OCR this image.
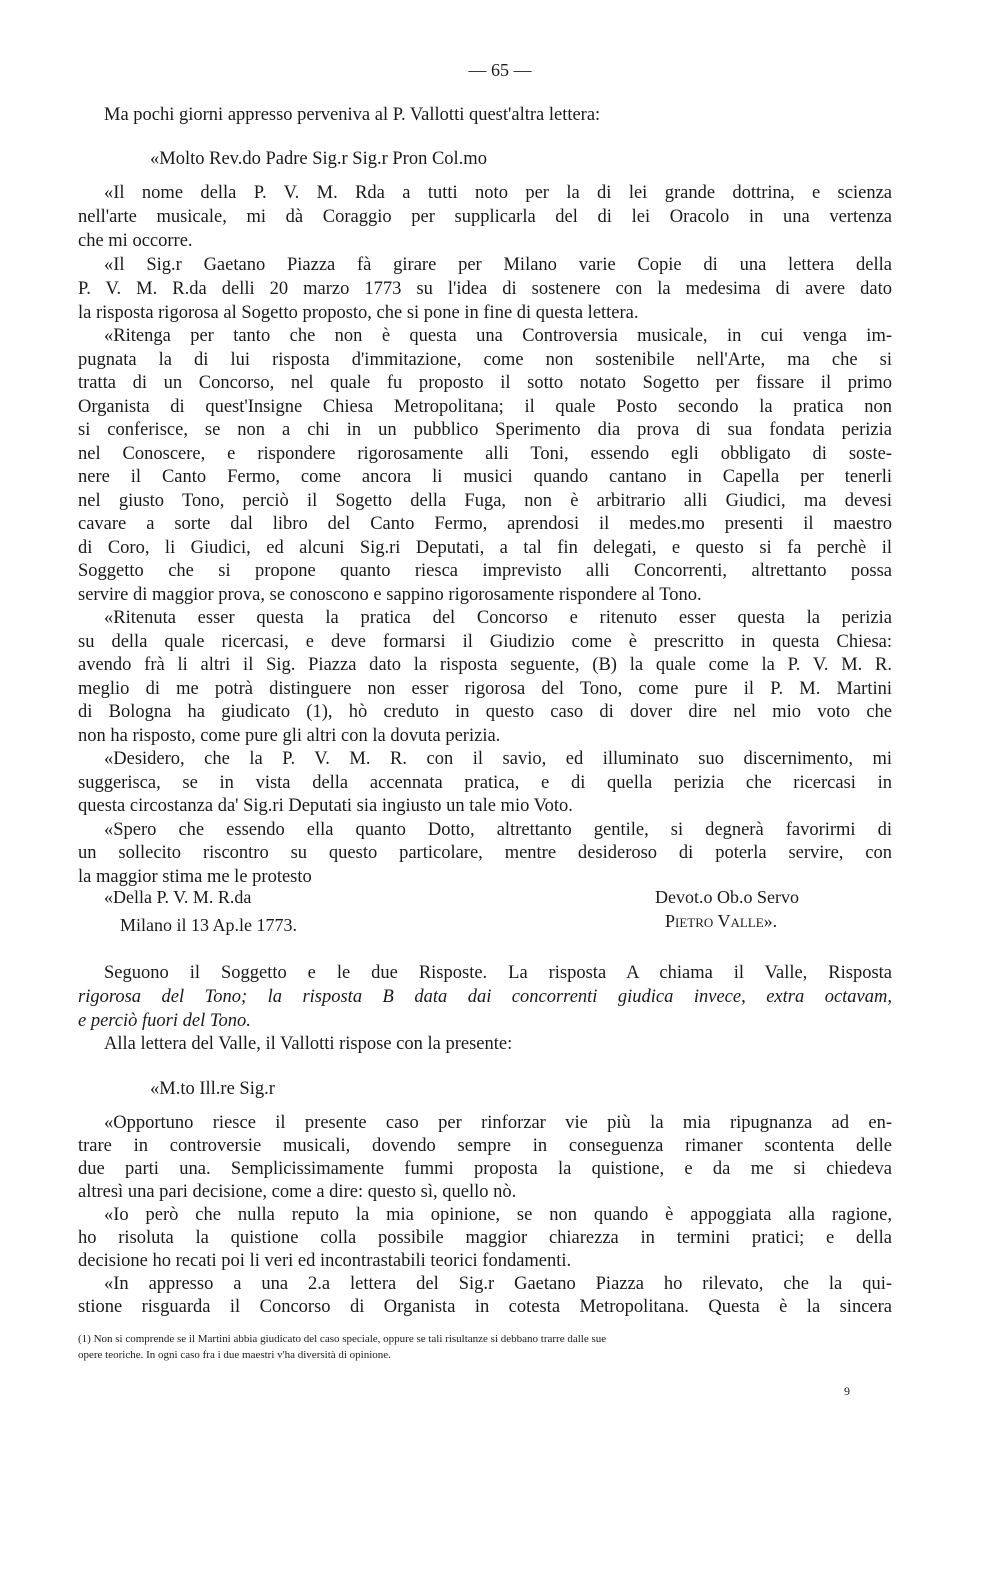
— 65 —
Ma pochi giorni appresso perveniva al P. Vallotti quest'altra lettera:
«Molto Rev.do Padre Sig.r Sig.r Pron Col.mo
«Il nome della P. V. M. Rda a tutti noto per la di lei grande dottrina, e scienza
nell'arte musicale, mi dà Coraggio per supplicarla del di lei Oracolo in una vertenza
che mi occorre.
«Il Sig.r Gaetano Piazza fà girare per Milano varie Copie di una lettera della
P. V. M. R.da delli 20 marzo 1773 su l'idea di sostenere con la medesima di avere dato
la risposta rigorosa al Sogetto proposto, che si pone in fine di questa lettera.
«Ritenga per tanto che non è questa una Controversia musicale, in cui venga im-
pugnata la di lui risposta d'immitazione, come non sostenibile nell'Arte, ma che si
tratta di un Concorso, nel quale fu proposto il sotto notato Sogetto per fissare il primo
Organista di quest'Insigne Chiesa Metropolitana; il quale Posto secondo la pratica non
si conferisce, se non a chi in un pubblico Sperimento dia prova di sua fondata perizia
nel Conoscere, e rispondere rigorosamente alli Toni, essendo egli obbligato di soste-
nere il Canto Fermo, come ancora li musici quando cantano in Capella per tenerli
nel giusto Tono, perciò il Sogetto della Fuga, non è arbitrario alli Giudici, ma devesi
cavare a sorte dal libro del Canto Fermo, aprendosi il medes.mo presenti il maestro
di Coro, li Giudici, ed alcuni Sig.ri Deputati, a tal fin delegati, e questo si fa perchè il
Soggetto che si propone quanto riesca imprevisto alli Concorrenti, altrettanto possa
servire di maggior prova, se conoscono e sappino rigorosamente rispondere al Tono.
«Ritenuta esser questa la pratica del Concorso e ritenuto esser questa la perizia
su della quale ricercasi, e deve formarsi il Giudizio come è prescritto in questa Chiesa:
avendo frà li altri il Sig. Piazza dato la risposta seguente, (B) la quale come la P. V. M. R.
meglio di me potrà distinguere non esser rigorosa del Tono, come pure il P. M. Martini
di Bologna ha giudicato (1), hò creduto in questo caso di dover dire nel mio voto che
non ha risposto, come pure gli altri con la dovuta perizia.
«Desidero, che la P. V. M. R. con il savio, ed illuminato suo discernimento, mi
suggerisca, se in vista della accennata pratica, e di quella perizia che ricercasi in
questa circostanza da' Sig.ri Deputati sia ingiusto un tale mio Voto.
«Spero che essendo ella quanto Dotto, altrettanto gentile, si degnerà favorirmi di
un sollecito riscontro su questo particolare, mentre desideroso di poterla servire, con
la maggior stima me le protesto
«Della P. V. M. R.da
Milano il 13 Ap.le 1773.
Devot.o Ob.o Servo
Pietro Valle».
Seguono il Soggetto e le due Risposte. La risposta A chiama il Valle, Risposta
rigorosa del Tono; la risposta B data dai concorrenti giudica invece, extra octavam,
e perciò fuori del Tono.
Alla lettera del Valle, il Vallotti rispose con la presente:
«M.to Ill.re Sig.r
«Opportuno riesce il presente caso per rinforzar vie più la mia ripugnanza ad en-
trare in controversie musicali, dovendo sempre in conseguenza rimaner scontenta delle
due parti una. Semplicissimamente fummi proposta la quistione, e da me si chiedeva
altresì una pari decisione, come a dire: questo sì, quello nò.
«Io però che nulla reputo la mia opinione, se non quando è appoggiata alla ragione,
ho risoluta la quistione colla possibile maggior chiarezza in termini pratici; e della
decisione ho recati poi li veri ed incontrastabili teorici fondamenti.
«In appresso a una 2.a lettera del Sig.r Gaetano Piazza ho rilevato, che la qui-
stione risguarda il Concorso di Organista in cotesta Metropolitana. Questa è la sincera
(1) Non si comprende se il Martini abbia giudicato del caso speciale, oppure se tali risultanze si debbano trarre dalle sue
opere teoriche. In ogni caso fra i due maestri v'ha diversità di opinione.
9
